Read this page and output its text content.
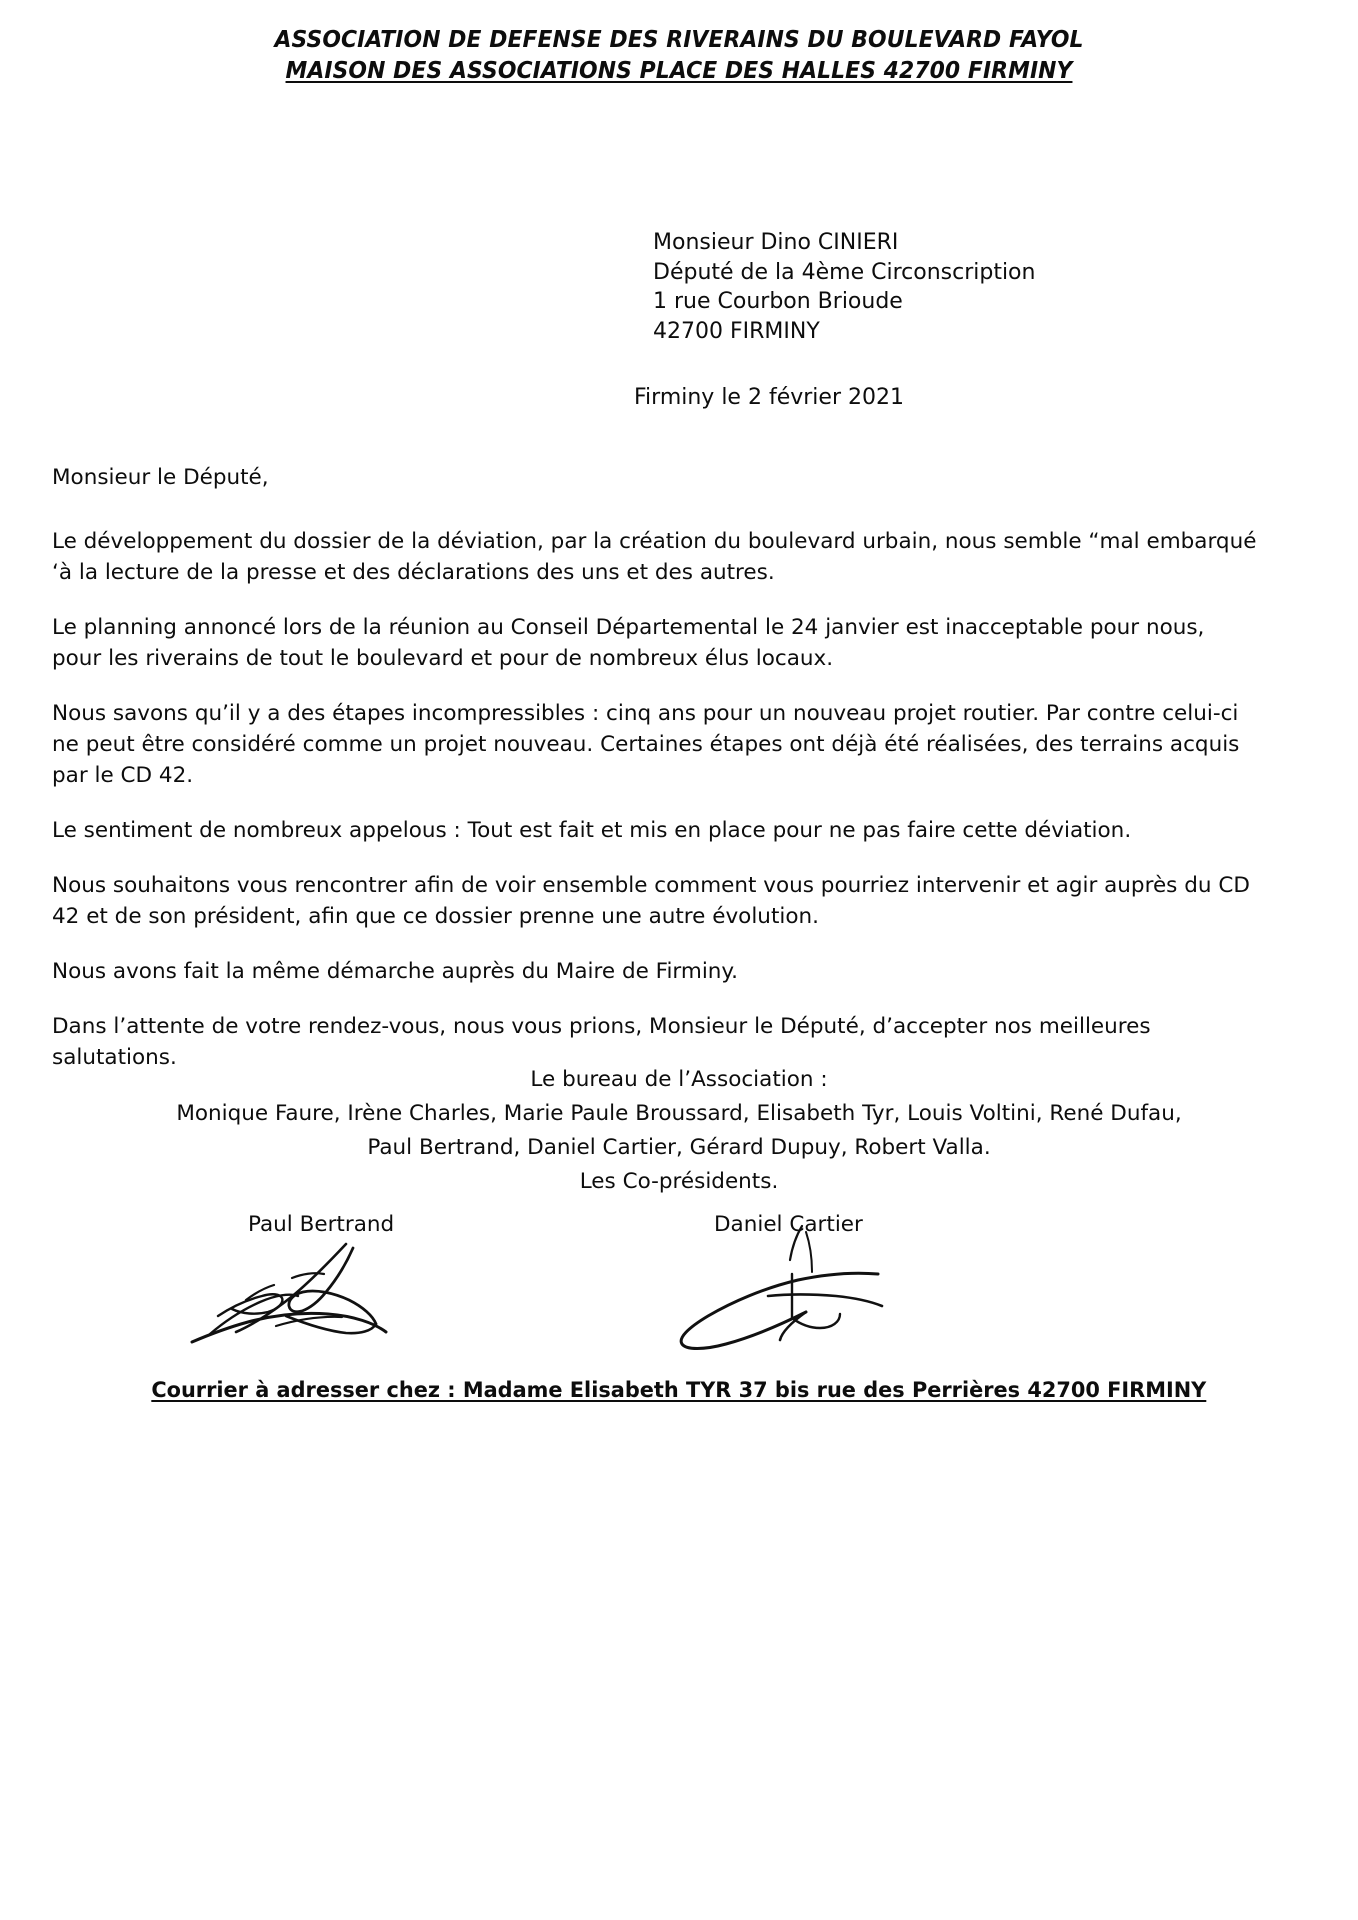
ASSOCIATION DE DEFENSE DES RIVERAINS DU BOULEVARD FAYOL
MAISON DES ASSOCIATIONS PLACE DES HALLES 42700 FIRMINY
Monsieur Dino CINIERI
Député de la 4ème Circonscription
1 rue Courbon Brioude
42700 FIRMINY
Firminy le 2 février 2021

Monsieur le Député,

Le développement du dossier de la déviation, par la création du boulevard urbain, nous semble “mal embarqué ‘à la lecture de la presse et des déclarations des uns et des autres.

Le planning annoncé lors de la réunion au Conseil Départemental le 24 janvier est inacceptable pour nous, pour les riverains de tout le boulevard et pour de nombreux élus locaux.

Nous savons qu’il y a des étapes incompressibles : cinq ans pour un nouveau projet routier. Par contre celui-ci ne peut être considéré comme un projet nouveau. Certaines étapes ont déjà été réalisées, des terrains acquis par le CD 42.

Le sentiment de nombreux appelous : Tout est fait et mis en place pour ne pas faire cette déviation.

Nous souhaitons vous rencontrer afin de voir ensemble comment vous pourriez intervenir et agir auprès du CD 42 et de son président, afin que ce dossier prenne une autre évolution.

Nous avons fait la même démarche auprès du Maire de Firminy.

Dans l’attente de votre rendez-vous, nous vous prions, Monsieur le Député, d’accepter nos meilleures salutations.

Le bureau de l’Association :
Monique Faure, Irène Charles, Marie Paule Broussard, Elisabeth Tyr, Louis Voltini, René Dufau,
Paul Bertrand, Daniel Cartier, Gérard Dupuy, Robert Valla.
Les Co-présidents.
Paul Bertrand	Daniel Cartier
Courrier à adresser chez : Madame Elisabeth TYR 37 bis rue des Perrières 42700 FIRMINY
